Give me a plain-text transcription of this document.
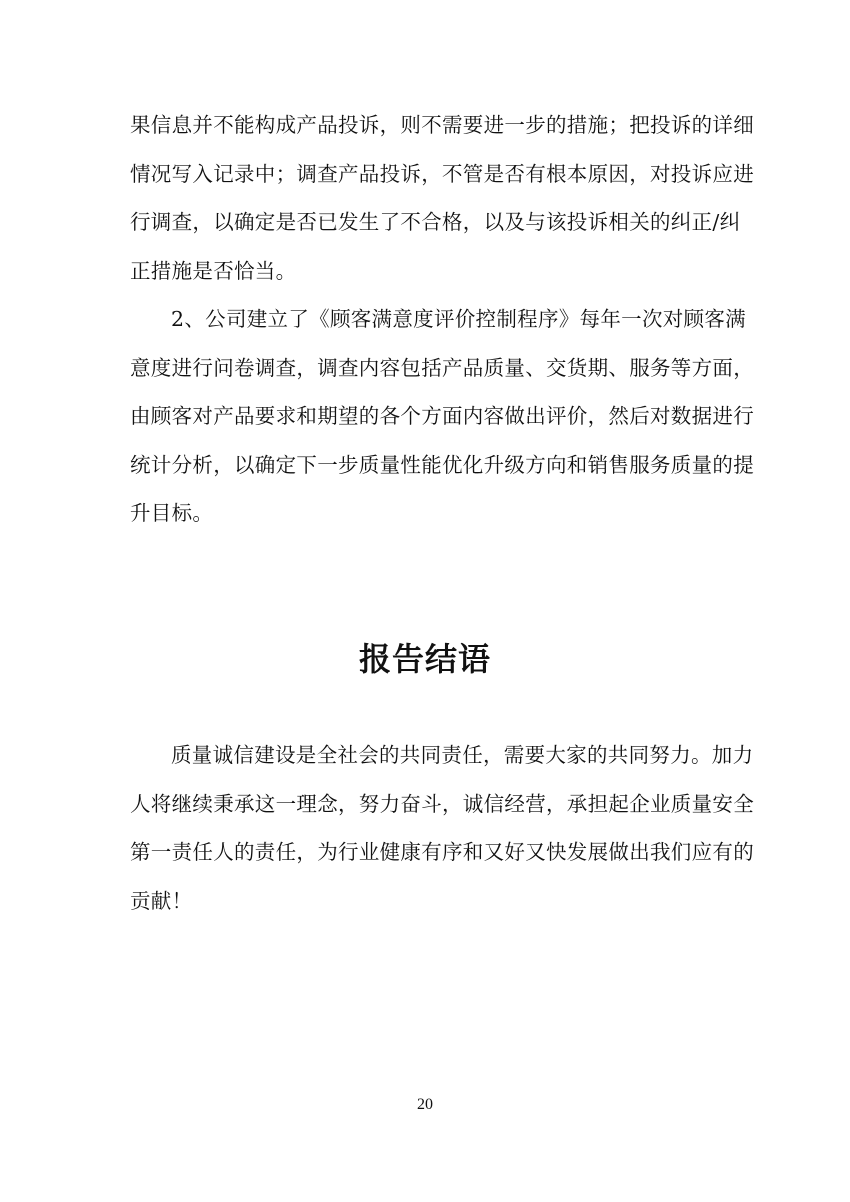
果信息并不能构成产品投诉，则不需要进一步的措施；把投诉的详细
情况写入记录中；调查产品投诉，不管是否有根本原因，对投诉应进
行调查，以确定是否已发生了不合格，以及与该投诉相关的纠正/纠
正措施是否恰当。
2、公司建立了《顾客满意度评价控制程序》每年一次对顾客满
意度进行问卷调查，调查内容包括产品质量、交货期、服务等方面，
由顾客对产品要求和期望的各个方面内容做出评价，然后对数据进行
统计分析，以确定下一步质量性能优化升级方向和销售服务质量的提
升目标。
报告结语
质量诚信建设是全社会的共同责任，需要大家的共同努力。加力
人将继续秉承这一理念，努力奋斗，诚信经营，承担起企业质量安全
第一责任人的责任，为行业健康有序和又好又快发展做出我们应有的
贡献！
20
